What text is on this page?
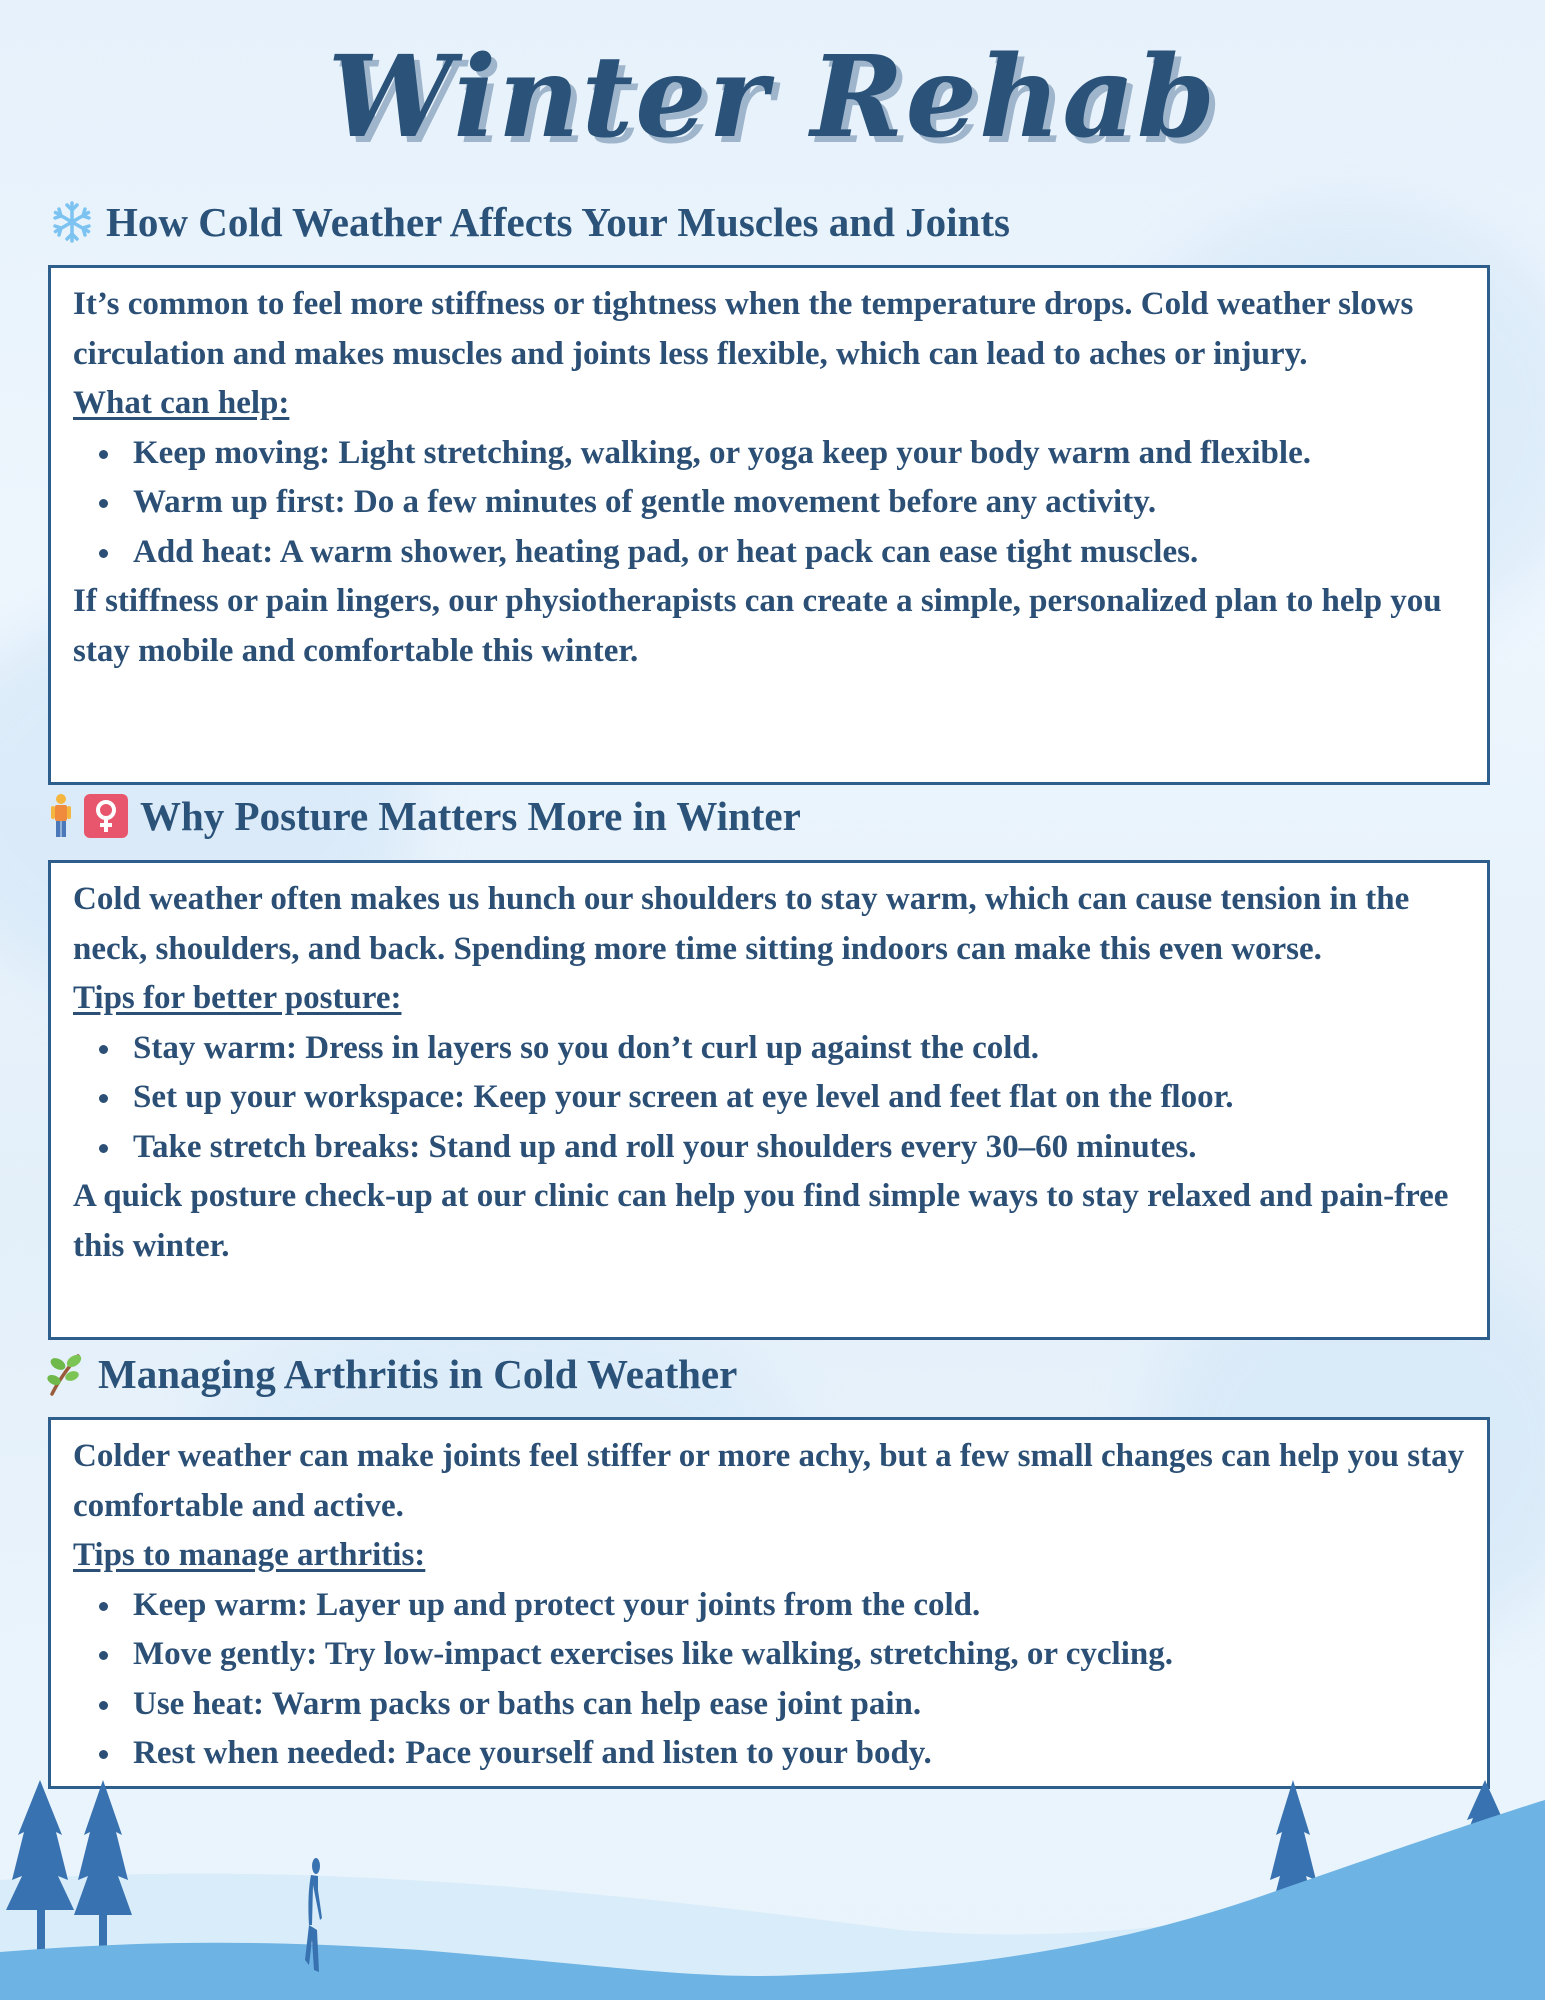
Winter Rehab
How Cold Weather Affects Your Muscles and Joints

It’s common to feel more stiffness or tightness when the temperature drops. Cold weather slows circulation and makes muscles and joints less flexible, which can lead to aches or injury.

What can help:

Keep moving: Light stretching, walking, or yoga keep your body warm and flexible.
Warm up first: Do a few minutes of gentle movement before any activity.
Add heat: A warm shower, heating pad, or heat pack can ease tight muscles.

If stiffness or pain lingers, our physiotherapists can create a simple, personalized plan to help you stay mobile and comfortable this winter.

Why Posture Matters More in Winter

Cold weather often makes us hunch our shoulders to stay warm, which can cause tension in the neck, shoulders, and back. Spending more time sitting indoors can make this even worse.

Tips for better posture:

Stay warm: Dress in layers so you don’t curl up against the cold.
Set up your workspace: Keep your screen at eye level and feet flat on the floor.
Take stretch breaks: Stand up and roll your shoulders every 30–60 minutes.

A quick posture check-up at our clinic can help you find simple ways to stay relaxed and pain-free this winter.

Managing Arthritis in Cold Weather

Colder weather can make joints feel stiffer or more achy, but a few small changes can help you stay comfortable and active.

Tips to manage arthritis:

Keep warm: Layer up and protect your joints from the cold.
Move gently: Try low-impact exercises like walking, stretching, or cycling.
Use heat: Warm packs or baths can help ease joint pain.
Rest when needed: Pace yourself and listen to your body.
